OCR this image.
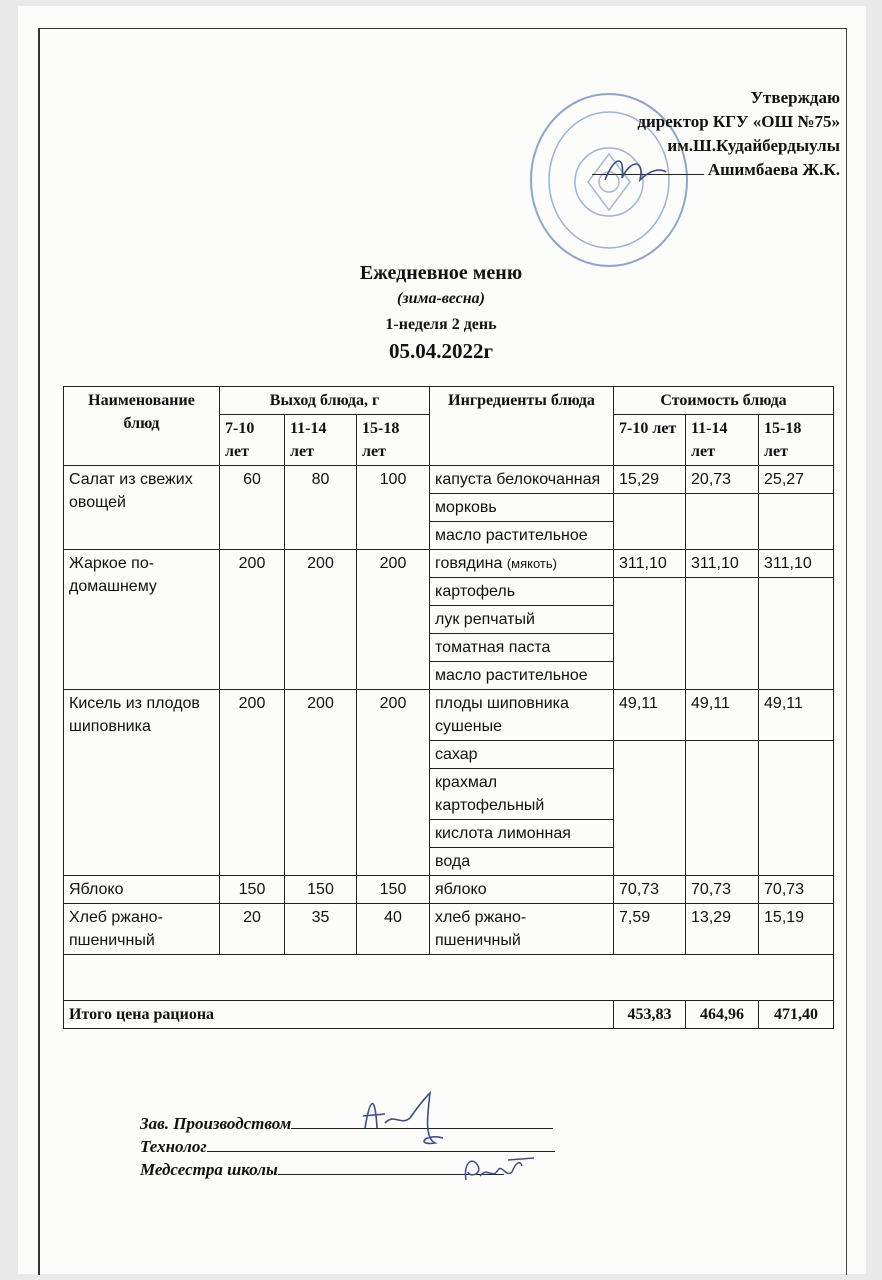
Утверждаю
директор КГУ «ОШ №75»
им.Ш.Кудайбердыулы
Ашимбаева Ж.К.
Ежедневное меню
(зима-весна)
1-неделя 2 день
05.04.2022г
Наименование блюд	Выход блюда, г			Ингредиенты блюда	Стоимость блюда		
	7-10 лет	11-14 лет	15-18 лет		7-10 лет	11-14 лет	15-18 лет
Салат из свежих овощей	60	80	100	капуста белокочанная	15,29	20,73	25,27
				морковь			
				масло растительное			
Жаркое по-домашнему	200	200	200	говядина (мякоть)	311,10	311,10	311,10
				картофель			
				лук репчатый			
				томатная паста			
				масло растительное			
Кисель из плодов шиповника	200	200	200	плоды шиповника сушеные	49,11	49,11	49,11
				сахар			
				крахмал картофельный			
				кислота лимонная			
				вода			
Яблоко	150	150	150	яблоко	70,73	70,73	70,73
Хлеб ржано-пшеничный	20	35	40	хлеб ржано-пшеничный	7,59	13,29	15,19

Итого цена рациона					453,83	464,96	471,40
Зав. Производством
Технолог
Медсестра школы
